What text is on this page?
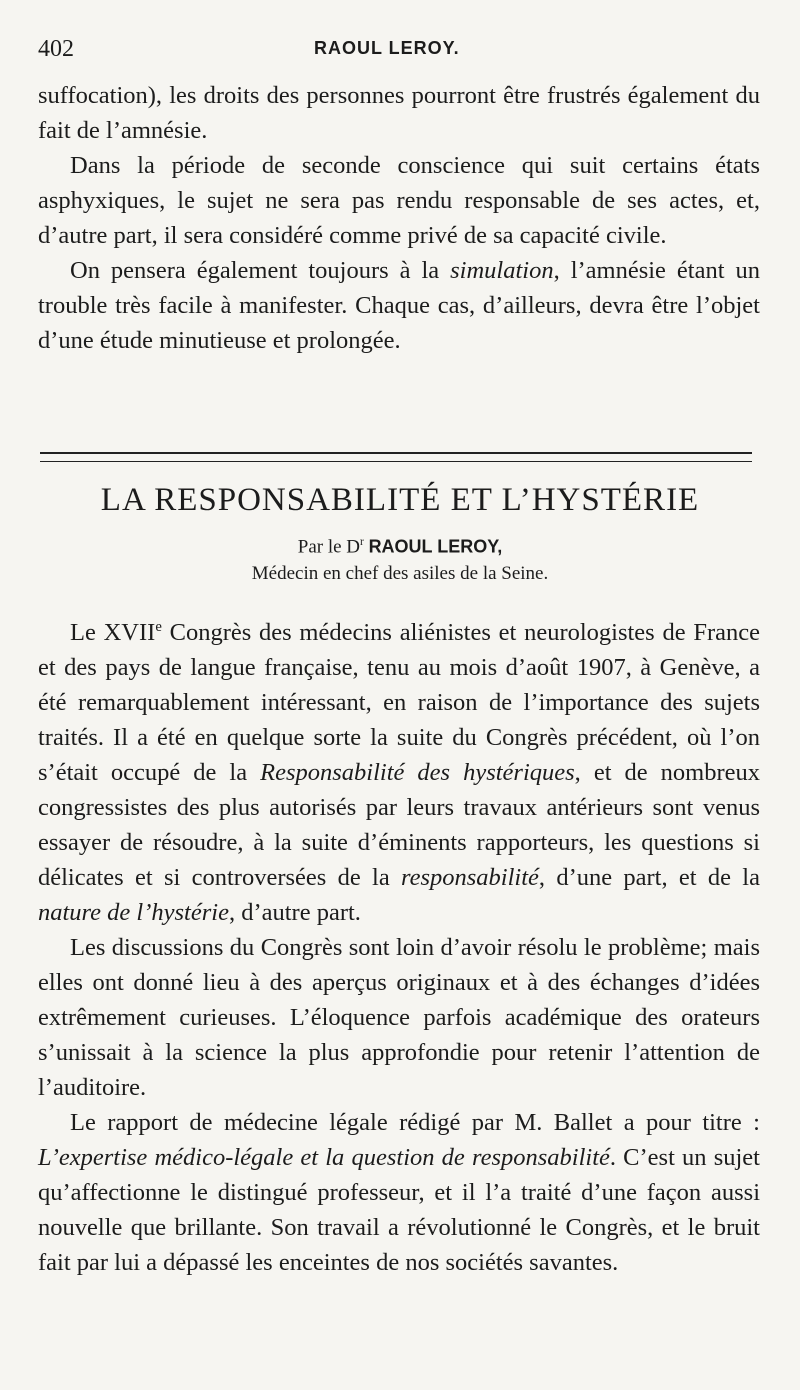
402	RAOUL LEROY.

suffocation), les droits des personnes pourront être frustrés également du fait de l’amnésie.

Dans la période de seconde conscience qui suit certains états asphyxiques, le sujet ne sera pas rendu responsable de ses actes, et, d’autre part, il sera considéré comme privé de sa capacité civile.

On pensera également toujours à la simulation, l’amnésie étant un trouble très facile à manifester. Chaque cas, d’ailleurs, devra être l’objet d’une étude minutieuse et prolongée.

LA RESPONSABILITÉ ET L’HYSTÉRIE
Par le $D^r$ RAOUL LEROY,
Médecin en chef des asiles de la Seine.

Le XVIIe Congrès des médecins aliénistes et neurologistes de France et des pays de langue française, tenu au mois d’août 1907, à Genève, a été remarquablement intéressant, en raison de l’importance des sujets traités. Il a été en quelque sorte la suite du Congrès précédent, où l’on s’était occupé de la Responsabilité des hystériques, et de nombreux congressistes des plus autorisés par leurs travaux antérieurs sont venus essayer de résoudre, à la suite d’éminents rapporteurs, les questions si délicates et si controversées de la responsabilité, d’une part, et de la nature de l’hystérie, d’autre part.

Les discussions du Congrès sont loin d’avoir résolu le problème; mais elles ont donné lieu à des aperçus originaux et à des échanges d’idées extrêmement curieuses. L’éloquence parfois académique des orateurs s’unissait à la science la plus approfondie pour retenir l’attention de l’auditoire.

Le rapport de médecine légale rédigé par M. Ballet a pour titre : L’expertise médico-légale et la question de responsabilité. C’est un sujet qu’affectionne le distingué professeur, et il l’a traité d’une façon aussi nouvelle que brillante. Son travail a révolutionné le Congrès, et le bruit fait par lui a dépassé les enceintes de nos sociétés savantes.
